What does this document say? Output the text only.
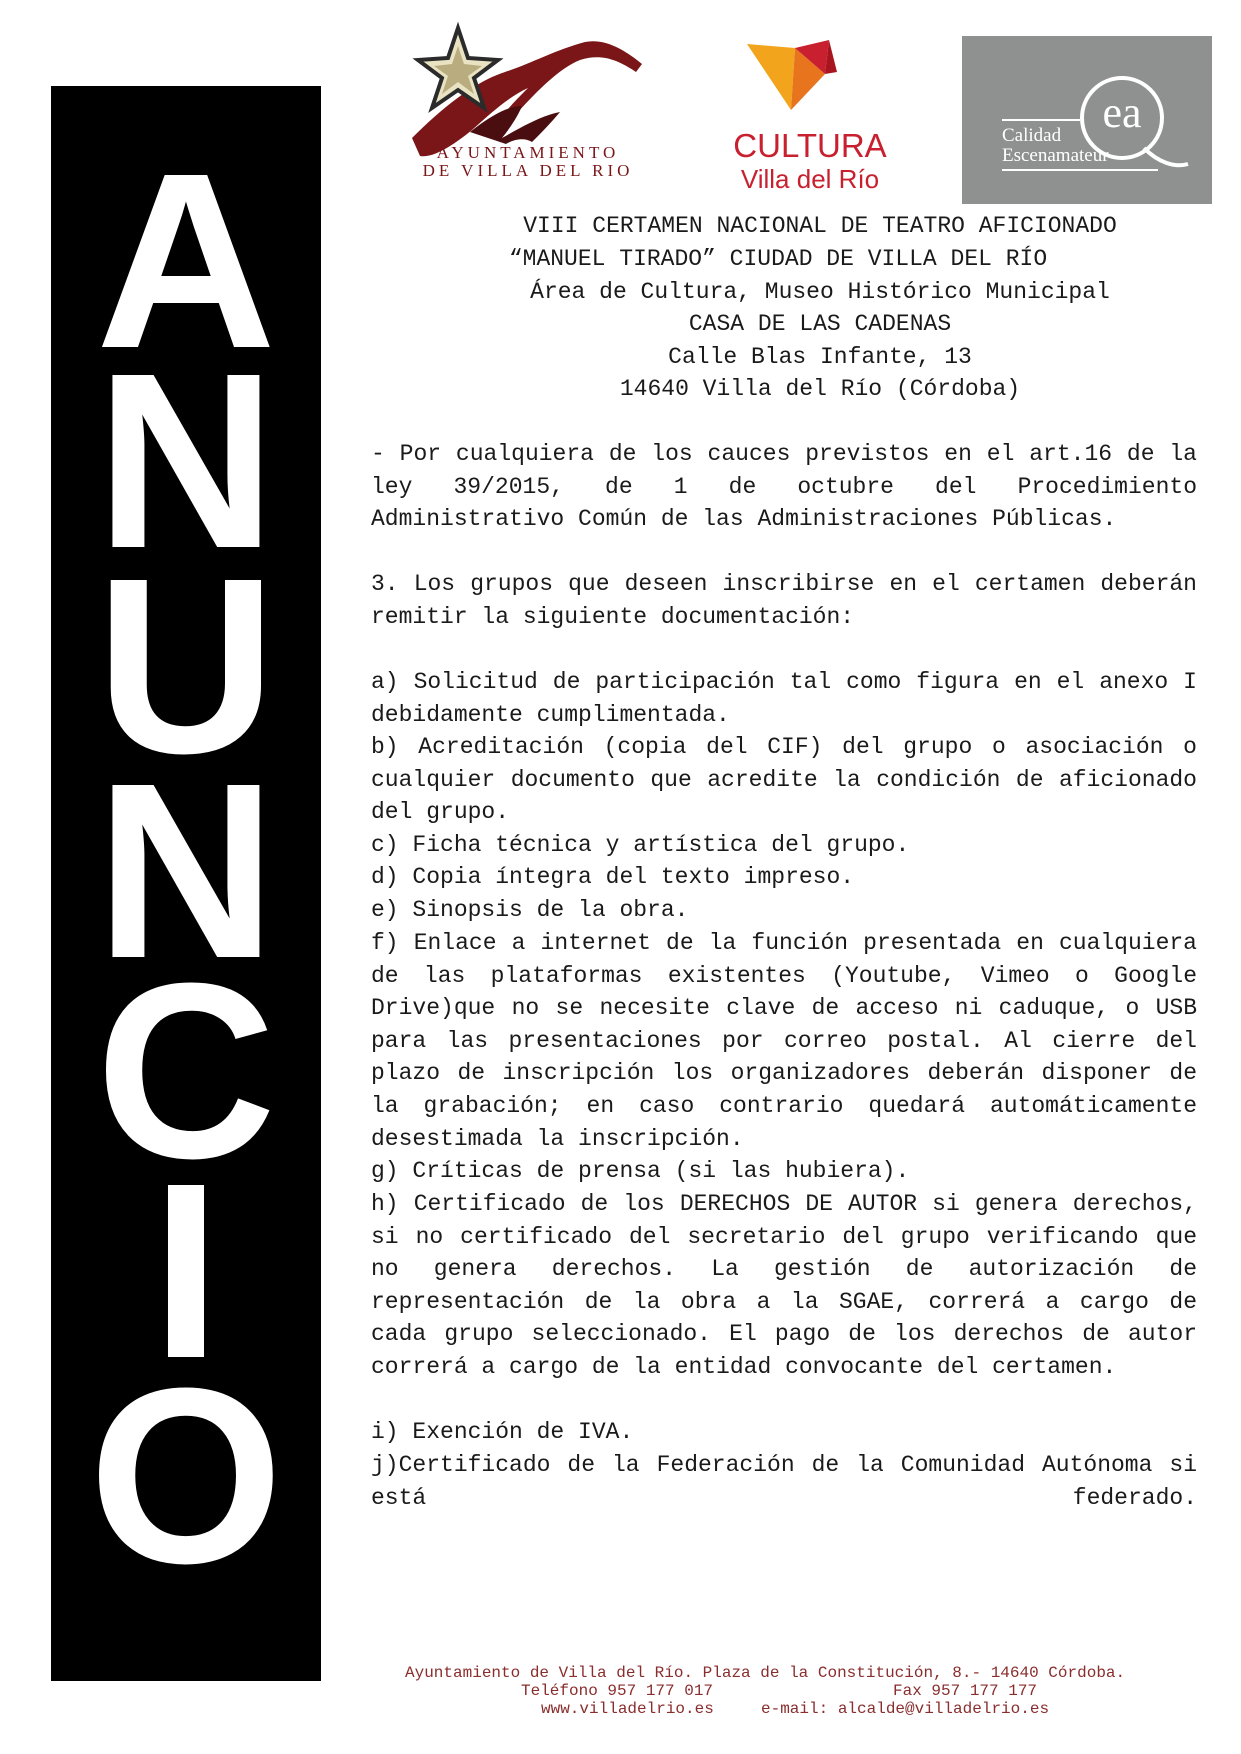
A
N
U
N
C
I
O
AYUNTAMIENTO
DE VILLA DEL RIO
CULTURA
Villa del Río
ea
Calidad
Escenamateur
VIII CERTAMEN NACIONAL DE TEATRO AFICIONADO
“MANUEL TIRADO” CIUDAD DE VILLA DEL RÍO
Área de Cultura, Museo Histórico Municipal
CASA DE LAS CADENAS
Calle Blas Infante, 13
14640 Villa del Río (Córdoba)
- Por cualquiera de los cauces previstos en el art.16 de la ley 39/2015, de 1 de octubre del Procedimiento Administrativo Común de las Administraciones Públicas.
3. Los grupos que deseen inscribirse en el certamen deberán remitir la siguiente documentación:
a) Solicitud de participación tal como figura en el anexo I debidamente cumplimentada.
b) Acreditación (copia del CIF) del grupo o asociación o cualquier documento que acredite la condición de aficionado del grupo.
c) Ficha técnica y artística del grupo.
d) Copia íntegra del texto impreso.
e) Sinopsis de la obra.
f) Enlace a internet de la función presentada en cualquiera de las plataformas existentes (Youtube, Vimeo o Google Drive)que no se necesite clave de acceso ni caduque, o USB para las presentaciones por correo postal. Al cierre del plazo de inscripción los organizadores deberán disponer de la grabación; en caso contrario quedará automáticamente desestimada la inscripción.
g) Críticas de prensa (si las hubiera).
h) Certificado de los DERECHOS DE AUTOR si genera derechos, si no certificado del secretario del grupo verificando que no genera derechos. La gestión de autorización de representación de la obra a la SGAE, correrá a cargo de cada grupo seleccionado. El pago de los derechos de autor correrá a cargo de la entidad convocante del certamen.
i) Exención de IVA.
j)Certificado de la Federación de la Comunidad Autónoma si está federado.
Ayuntamiento de Villa del Río. Plaza de la Constitución, 8.- 14640 Córdoba.
Teléfono 957 177 017	Fax 957 177 177
www.villadelrio.es	e-mail: alcalde@villadelrio.es
